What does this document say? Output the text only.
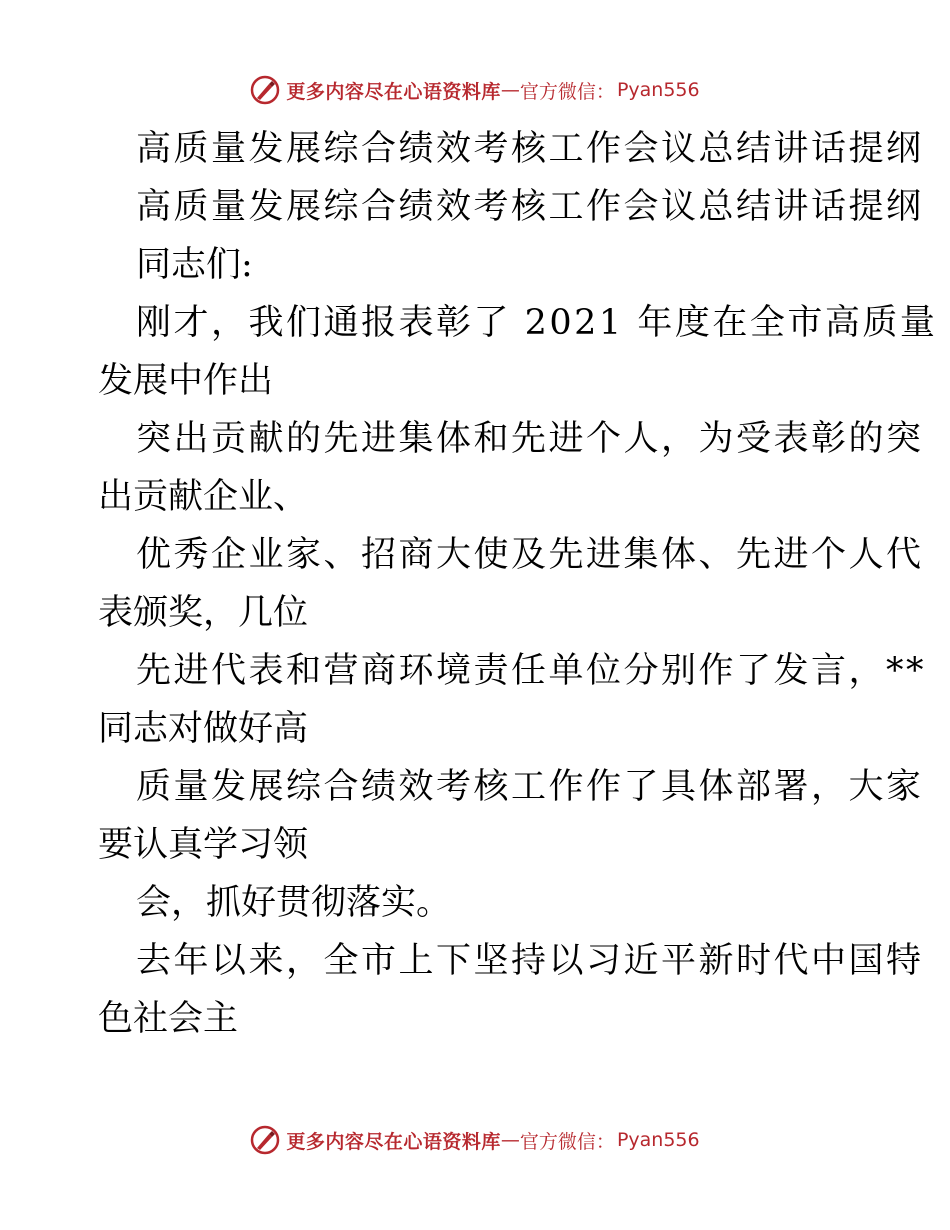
更多内容尽在心语资料库 — 官方微信： Pyan556
高质量发展综合绩效考核工作会议总结讲话提纲
高质量发展综合绩效考核工作会议总结讲话提纲
同志们:
刚才，我们通报表彰了 2021 年度在全市高质量
发展中作出
突出贡献的先进集体和先进个人，为受表彰的突
出贡献企业、
优秀企业家、招商大使及先进集体、先进个人代
表颁奖，几位
先进代表和营商环境责任单位分别作了发言，**
同志对做好高
质量发展综合绩效考核工作作了具体部署，大家
要认真学习领
会，抓好贯彻落实。
去年以来，全市上下坚持以习近平新时代中国特
色社会主
更多内容尽在心语资料库 — 官方微信： Pyan556
